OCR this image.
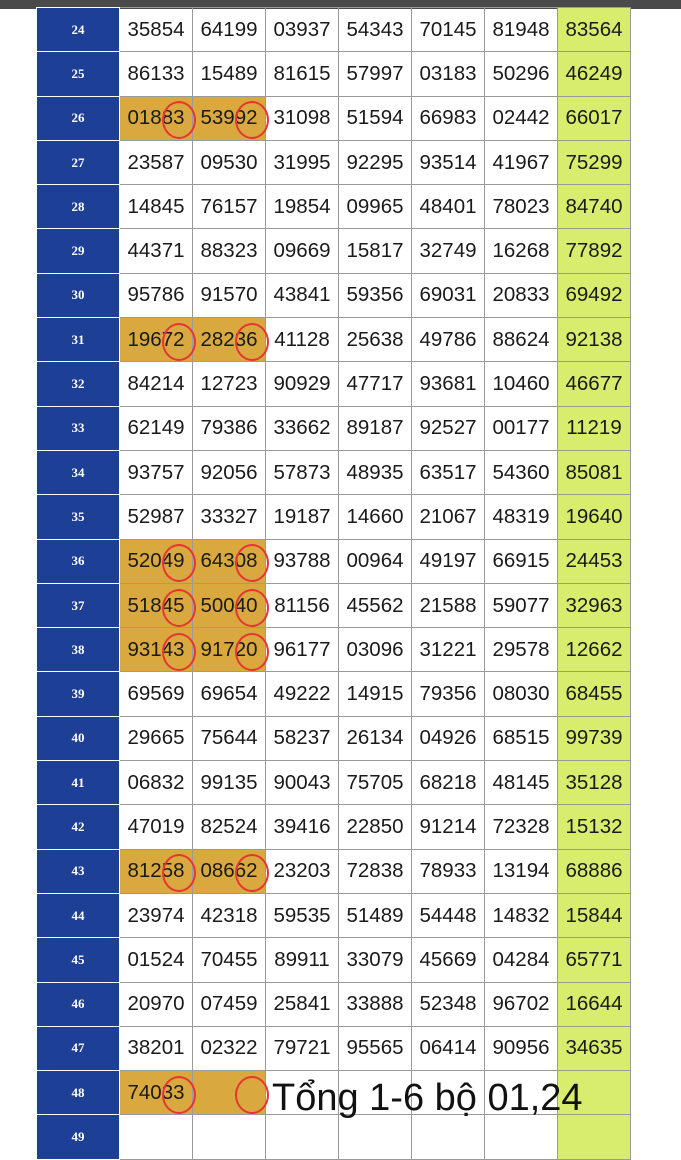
24	35854	64199	03937	54343	70145	81948	83564
25	86133	15489	81615	57997	03183	50296	46249
26	01883	53992	31098	51594	66983	02442	66017
27	23587	09530	31995	92295	93514	41967	75299
28	14845	76157	19854	09965	48401	78023	84740
29	44371	88323	09669	15817	32749	16268	77892
30	95786	91570	43841	59356	69031	20833	69492
31	19672	28236	41128	25638	49786	88624	92138
32	84214	12723	90929	47717	93681	10460	46677
33	62149	79386	33662	89187	92527	00177	11219
34	93757	92056	57873	48935	63517	54360	85081
35	52987	33327	19187	14660	21067	48319	19640
36	52049	64308	93788	00964	49197	66915	24453
37	51845	50040	81156	45562	21588	59077	32963
38	93143	91720	96177	03096	31221	29578	12662
39	69569	69654	49222	14915	79356	08030	68455
40	29665	75644	58237	26134	04926	68515	99739
41	06832	99135	90043	75705	68218	48145	35128
42	47019	82524	39416	22850	91214	72328	15132
43	81258	08662	23203	72838	78933	13194	68886
44	23974	42318	59535	51489	54448	14832	15844
45	01524	70455	89911	33079	45669	04284	65771
46	20970	07459	25841	33888	52348	96702	16644
47	38201	02322	79721	95565	06414	90956	34635
48	74033						
49							
Tổng 1-6 bộ 01,24
